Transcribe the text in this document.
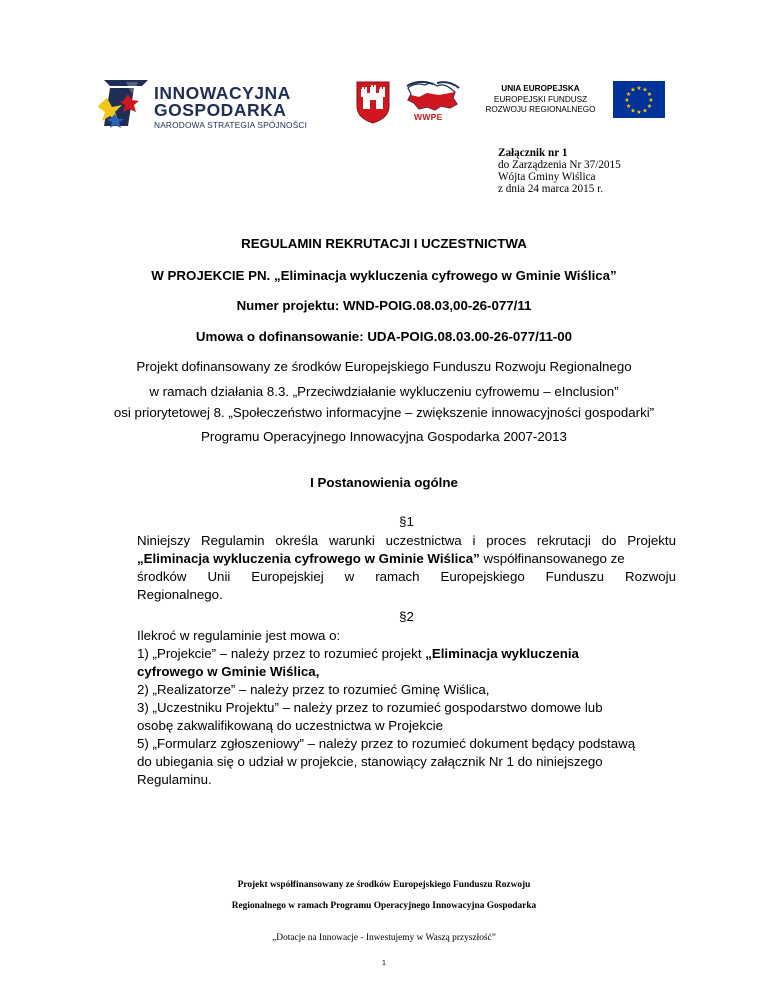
INNOWACYJNA
GOSPODARKA
NARODOWA STRATEGIA SPÓJNOŚCI
WWPE
UNIA EUROPEJSKA
EUROPEJSKI FUNDUSZ
ROZWOJU REGIONALNEGO
★ ★
★
★
★
★
★
★
★
★
★
★
Załącznik nr 1
do Zarządzenia Nr 37/2015
Wójta Gminy Wiślica
z dnia 24 marca 2015 r.
REGULAMIN REKRUTACJI I UCZESTNICTWA
W PROJEKCIE PN. „Eliminacja wykluczenia cyfrowego w Gminie Wiślica”
Numer projektu: WND-POIG.08.03,00-26-077/11
Umowa o dofinansowanie: UDA-POIG.08.03.00-26-077/11-00
Projekt dofinansowany ze środków Europejskiego Funduszu Rozwoju Regionalnego
w ramach działania 8.3. „Przeciwdziałanie wykluczeniu cyfrowemu – eInclusion”
osi priorytetowej 8. „Społeczeństwo informacyjne – zwiększenie innowacyjności gospodarki”
Programu Operacyjnego Innowacyjna Gospodarka 2007-2013
I Postanowienia ogólne
§1
Niniejszy Regulamin określa warunki uczestnictwa i proces rekrutacji do Projektu
„Eliminacja wykluczenia cyfrowego w Gminie Wiślica” współfinansowanego ze
środków Unii Europejskiej w ramach Europejskiego Funduszu Rozwoju
Regionalnego.
§2
Ilekroć w regulaminie jest mowa o:
1) „Projekcie” – należy przez to rozumieć projekt „Eliminacja wykluczenia
cyfrowego w Gminie Wiślica,
2) „Realizatorze” – należy przez to rozumieć Gminę Wiślica,
3) „Uczestniku Projektu” – należy przez to rozumieć gospodarstwo domowe lub
osobę zakwalifikowaną do uczestnictwa w Projekcie
5) „Formularz zgłoszeniowy” – należy przez to rozumieć dokument będący podstawą
do ubiegania się o udział w projekcie, stanowiący załącznik Nr 1 do niniejszego
Regulaminu.
Projekt współfinansowany ze środków Europejskiego Funduszu Rozwoju
Regionalnego w ramach Programu Operacyjnego Innowacyjna Gospodarka
„Dotacje na Innowacje - Inwestujemy w Waszą przyszłość”
1
